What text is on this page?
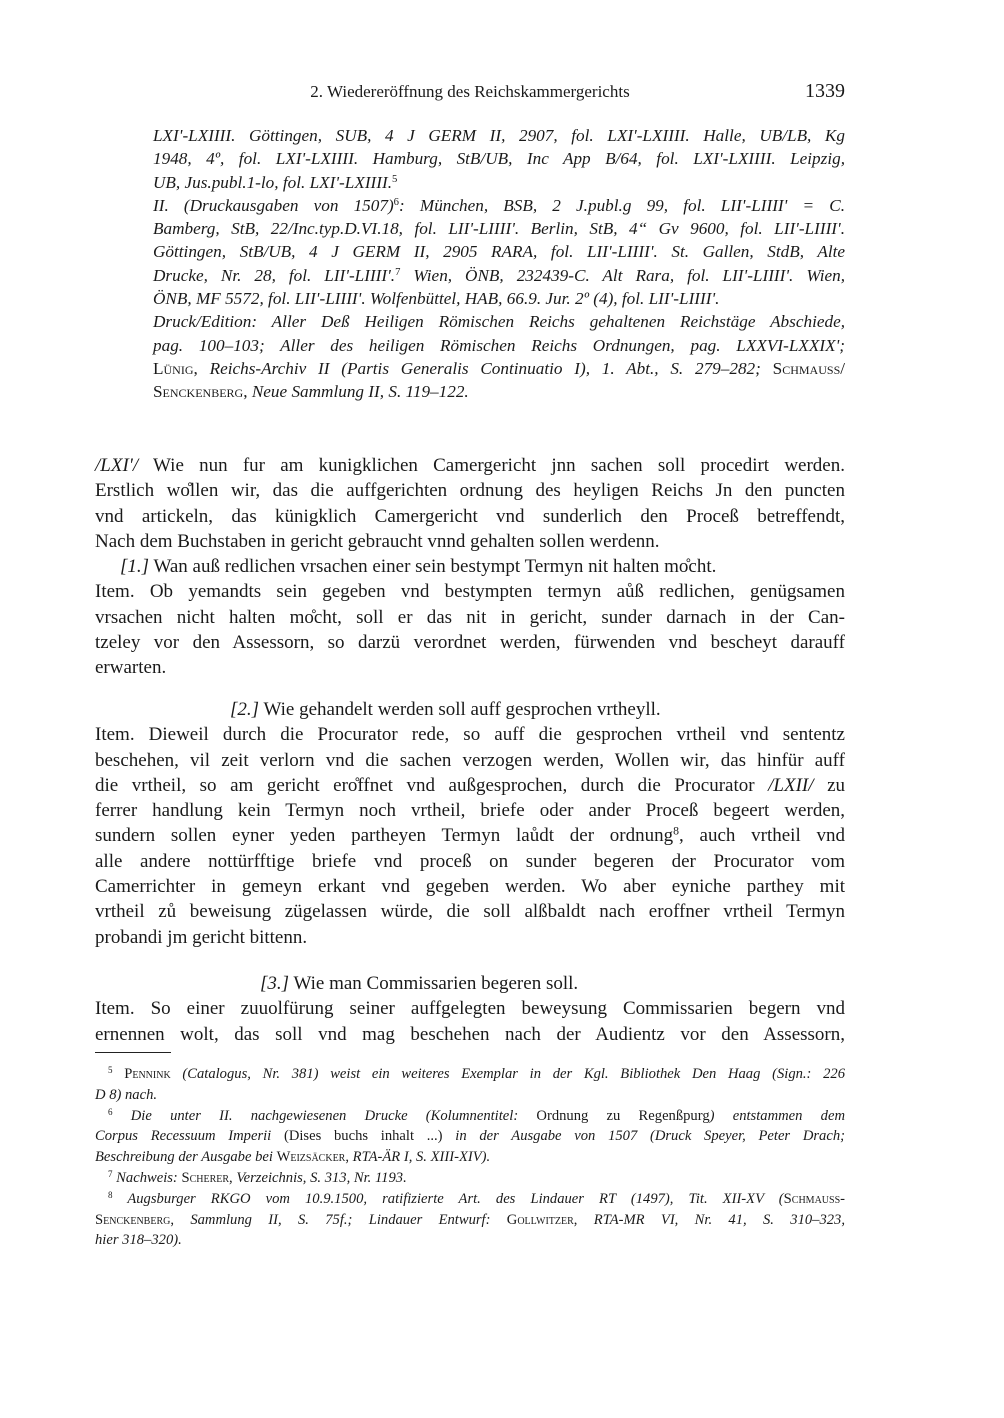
2. Wiedereröffnung des Reichskammergerichts	1339
LXI'-LXIIII. Göttingen, SUB, 4 J GERM II, 2907, fol. LXI'-LXIIII. Halle, UB/LB, Kg
1948, 4º, fol. LXI'-LXIIII. Hamburg, StB/UB, Inc App B/64, fol. LXI'-LXIIII. Leipzig,
UB, Jus.publ.1-lo, fol. LXI'-LXIIII.$^5$
II. (Druckausgaben von 1507)$^6$: München, BSB, 2 J.publ.g 99, fol. LII'-LIIII' = C.
Bamberg, StB, 22/Inc.typ.D.VI.18, fol. LII'-LIIII'. Berlin, StB, 4“ Gv 9600, fol. LII'-LIIII'.
Göttingen, StB/UB, 4 J GERM II, 2905 RARA, fol. LII'-LIIII'. St. Gallen, StdB, Alte
Drucke, Nr. 28, fol. LII'-LIIII'.$^7$ Wien, ÖNB, 232439-C. Alt Rara, fol. LII'-LIIII'. Wien,
ÖNB, MF 5572, fol. LII'-LIIII'. Wolfenbüttel, HAB, 66.9. Jur. 2º (4), fol. LII'-LIIII'.
Druck/Edition: Aller Deß Heiligen Römischen Reichs gehaltenen Reichstäge Abschiede,
pag. 100–103; Aller des heiligen Römischen Reichs Ordnungen, pag. LXXVI-LXXIX';
Lünig, Reichs-Archiv II (Partis Generalis Continuatio I), 1. Abt., S. 279–282; Schmauss/
Senckenberg, Neue Sammlung II, S. 119–122.
/LXI'/ Wie nun fur am kunigklichen Camergericht jnn sachen soll procedirt werden.
Erstlich wo̊llen wir, das die auffgerichten ordnung des heyligen Reichs Jn den puncten
vnd artickeln, das künigklich Camergericht vnd sunderlich den Proceß betreffendt,
Nach dem Buchstaben in gericht gebraucht vnnd gehalten sollen werdenn.
[1.] Wan auß redlichen vrsachen einer sein bestympt Termyn nit halten mo̊cht.
Item. Ob yemandts sein gegeben vnd bestympten termyn aůß redlichen, genügsamen
vrsachen nicht halten mo̊cht, soll er das nit in gericht, sunder darnach in der Can-
tzeley vor den Assessorn, so darzü verordnet werden, fürwenden vnd bescheyt darauff
erwarten.
[2.] Wie gehandelt werden soll auff gesprochen vrtheyll.
Item. Dieweil durch die Procurator rede, so auff die gesprochen vrtheil vnd sententz
beschehen, vil zeit verlorn vnd die sachen verzogen werden, Wollen wir, das hinfür auff
die vrtheil, so am gericht ero̊ffnet vnd außgesprochen, durch die Procurator /LXII/ zu
ferrer handlung kein Termyn noch vrtheil, briefe oder ander Proceß begeert werden,
sundern sollen eyner yeden partheyen Termyn laůdt der ordnung$^8$, auch vrtheil vnd
alle andere nottürfftige briefe vnd proceß on sunder begeren der Procurator vom
Camerrichter in gemeyn erkant vnd gegeben werden. Wo aber eyniche parthey mit
vrtheil zů beweisung zügelassen würde, die soll alßbaldt nach eroffner vrtheil Termyn
probandi jm gericht bittenn.
[3.] Wie man Commissarien begeren soll.
Item. So einer zuuolfürung seiner auffgelegten beweysung Commissarien begern vnd
ernennen wolt, das soll vnd mag beschehen nach der Audientz vor den Assessorn,
$^5$ Pennink (Catalogus, Nr. 381) weist ein weiteres Exemplar in der Kgl. Bibliothek Den Haag (Sign.: 226
D 8) nach.
$^6$ Die unter II. nachgewiesenen Drucke (Kolumnentitel: Ordnung zu Regenßpurg) entstammen dem
Corpus Recessuum Imperii (Dises buchs inhalt ...) in der Ausgabe von 1507 (Druck Speyer, Peter Drach;
Beschreibung der Ausgabe bei Weizsäcker, RTA-ÄR I, S. XIII-XIV).
$^7$ Nachweis: Scherer, Verzeichnis, S. 313, Nr. 1193.
$^8$ Augsburger RKGO vom 10.9.1500, ratifizierte Art. des Lindauer RT (1497), Tit. XII-XV (Schmauss-
Senckenberg, Sammlung II, S. 75f.; Lindauer Entwurf: Gollwitzer, RTA-MR VI, Nr. 41, S. 310–323,
hier 318–320).
